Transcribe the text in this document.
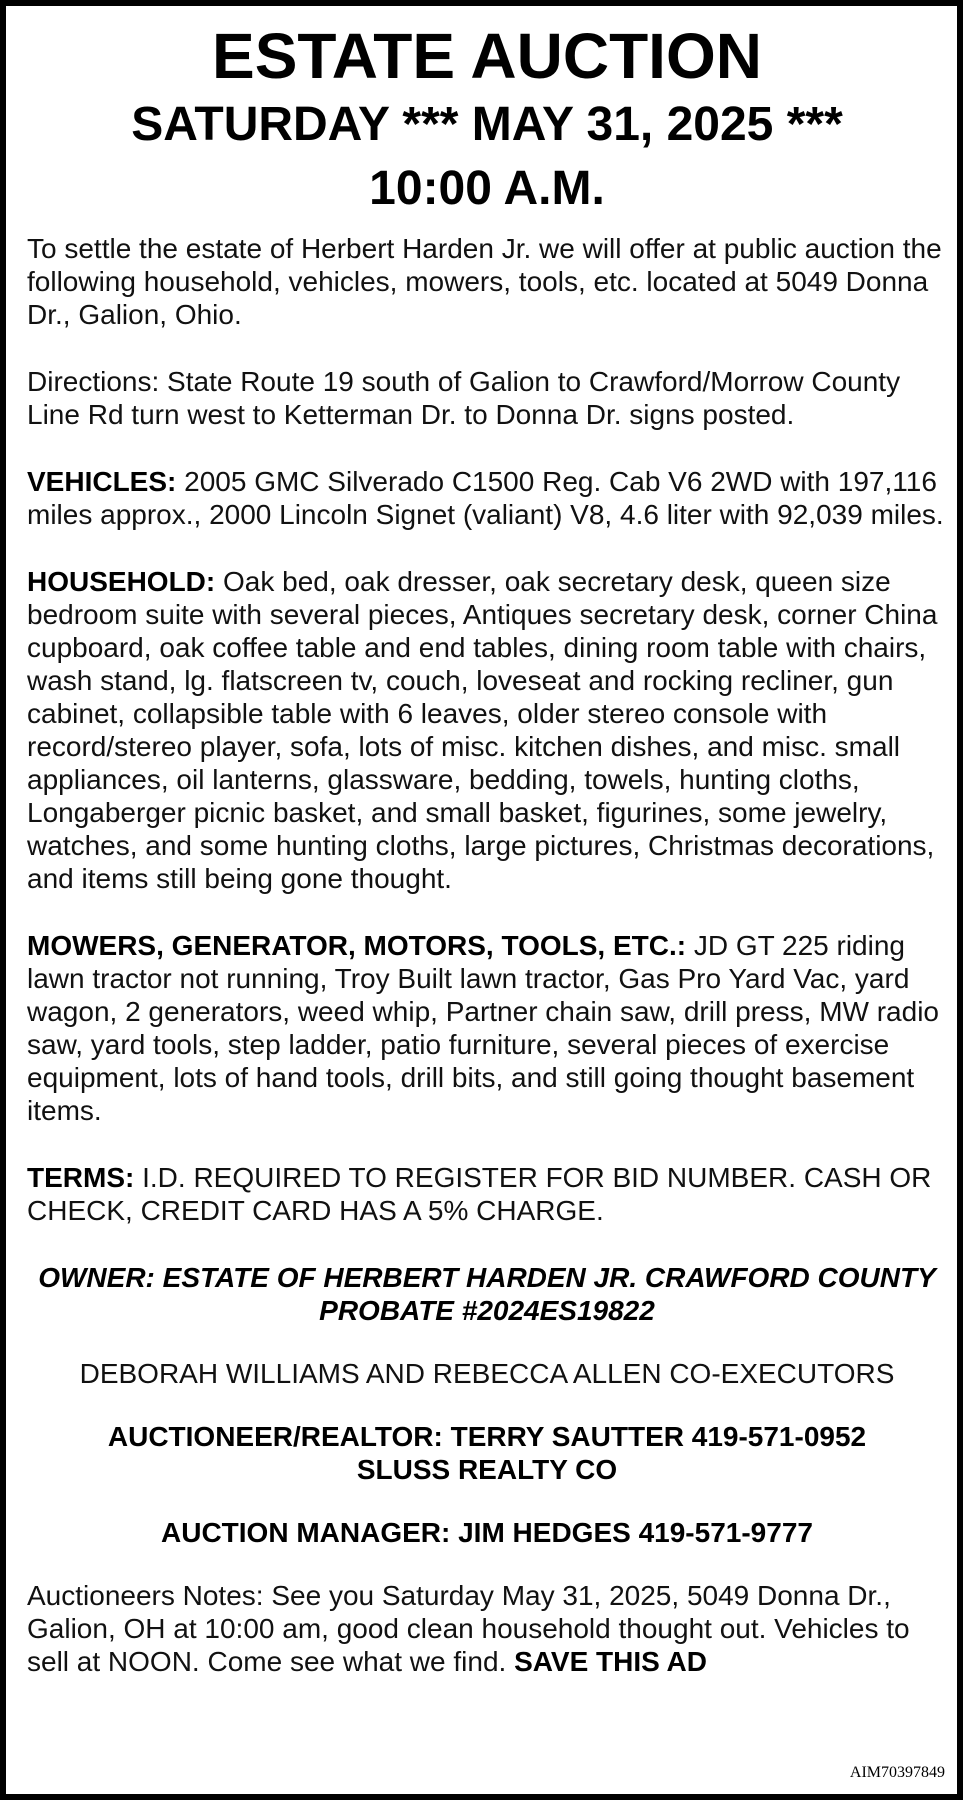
ESTATE AUCTION
SATURDAY *** MAY 31, 2025 ***
10:00 A.M.

To settle the estate of Herbert Harden Jr. we will offer at public auction the following household, vehicles, mowers, tools, etc. located at 5049 Donna Dr., Galion, Ohio.

Directions: State Route 19 south of Galion to Crawford/Morrow County Line Rd turn west to Ketterman Dr. to Donna Dr. signs posted.

VEHICLES: 2005 GMC Silverado C1500 Reg. Cab V6 2WD with 197,116 miles approx., 2000 Lincoln Signet (valiant) V8, 4.6 liter with 92,039 miles.

HOUSEHOLD: Oak bed, oak dresser, oak secretary desk, queen size bedroom suite with several pieces, Antiques secretary desk, corner China cupboard, oak coffee table and end tables, dining room table with chairs, wash stand, lg. flatscreen tv, couch, loveseat and rocking recliner, gun cabinet, collapsible table with 6 leaves, older stereo console with record/stereo player, sofa, lots of misc. kitchen dishes, and misc. small appliances, oil lanterns, glassware, bedding, towels, hunting cloths, Longaberger picnic basket, and small basket, figurines, some jewelry, watches, and some hunting cloths, large pictures, Christmas decorations, and items still being gone thought.

MOWERS, GENERATOR, MOTORS, TOOLS, ETC.: JD GT 225 riding lawn tractor not running, Troy Built lawn tractor, Gas Pro Yard Vac, yard wagon, 2 generators, weed whip, Partner chain saw, drill press, MW radio saw, yard tools, step ladder, patio furniture, several pieces of exercise equipment, lots of hand tools, drill bits, and still going thought basement items.

TERMS: I.D. REQUIRED TO REGISTER FOR BID NUMBER. CASH OR CHECK, CREDIT CARD HAS A 5% CHARGE.

OWNER: ESTATE OF HERBERT HARDEN JR. CRAWFORD COUNTY
PROBATE #2024ES19822

DEBORAH WILLIAMS AND REBECCA ALLEN CO-EXECUTORS

AUCTIONEER/REALTOR: TERRY SAUTTER 419-571-0952
SLUSS REALTY CO

AUCTION MANAGER: JIM HEDGES 419-571-9777

Auctioneers Notes: See you Saturday May 31, 2025, 5049 Donna Dr., Galion, OH at 10:00 am, good clean household thought out. Vehicles to sell at NOON. Come see what we find. SAVE THIS AD

AIM70397849
